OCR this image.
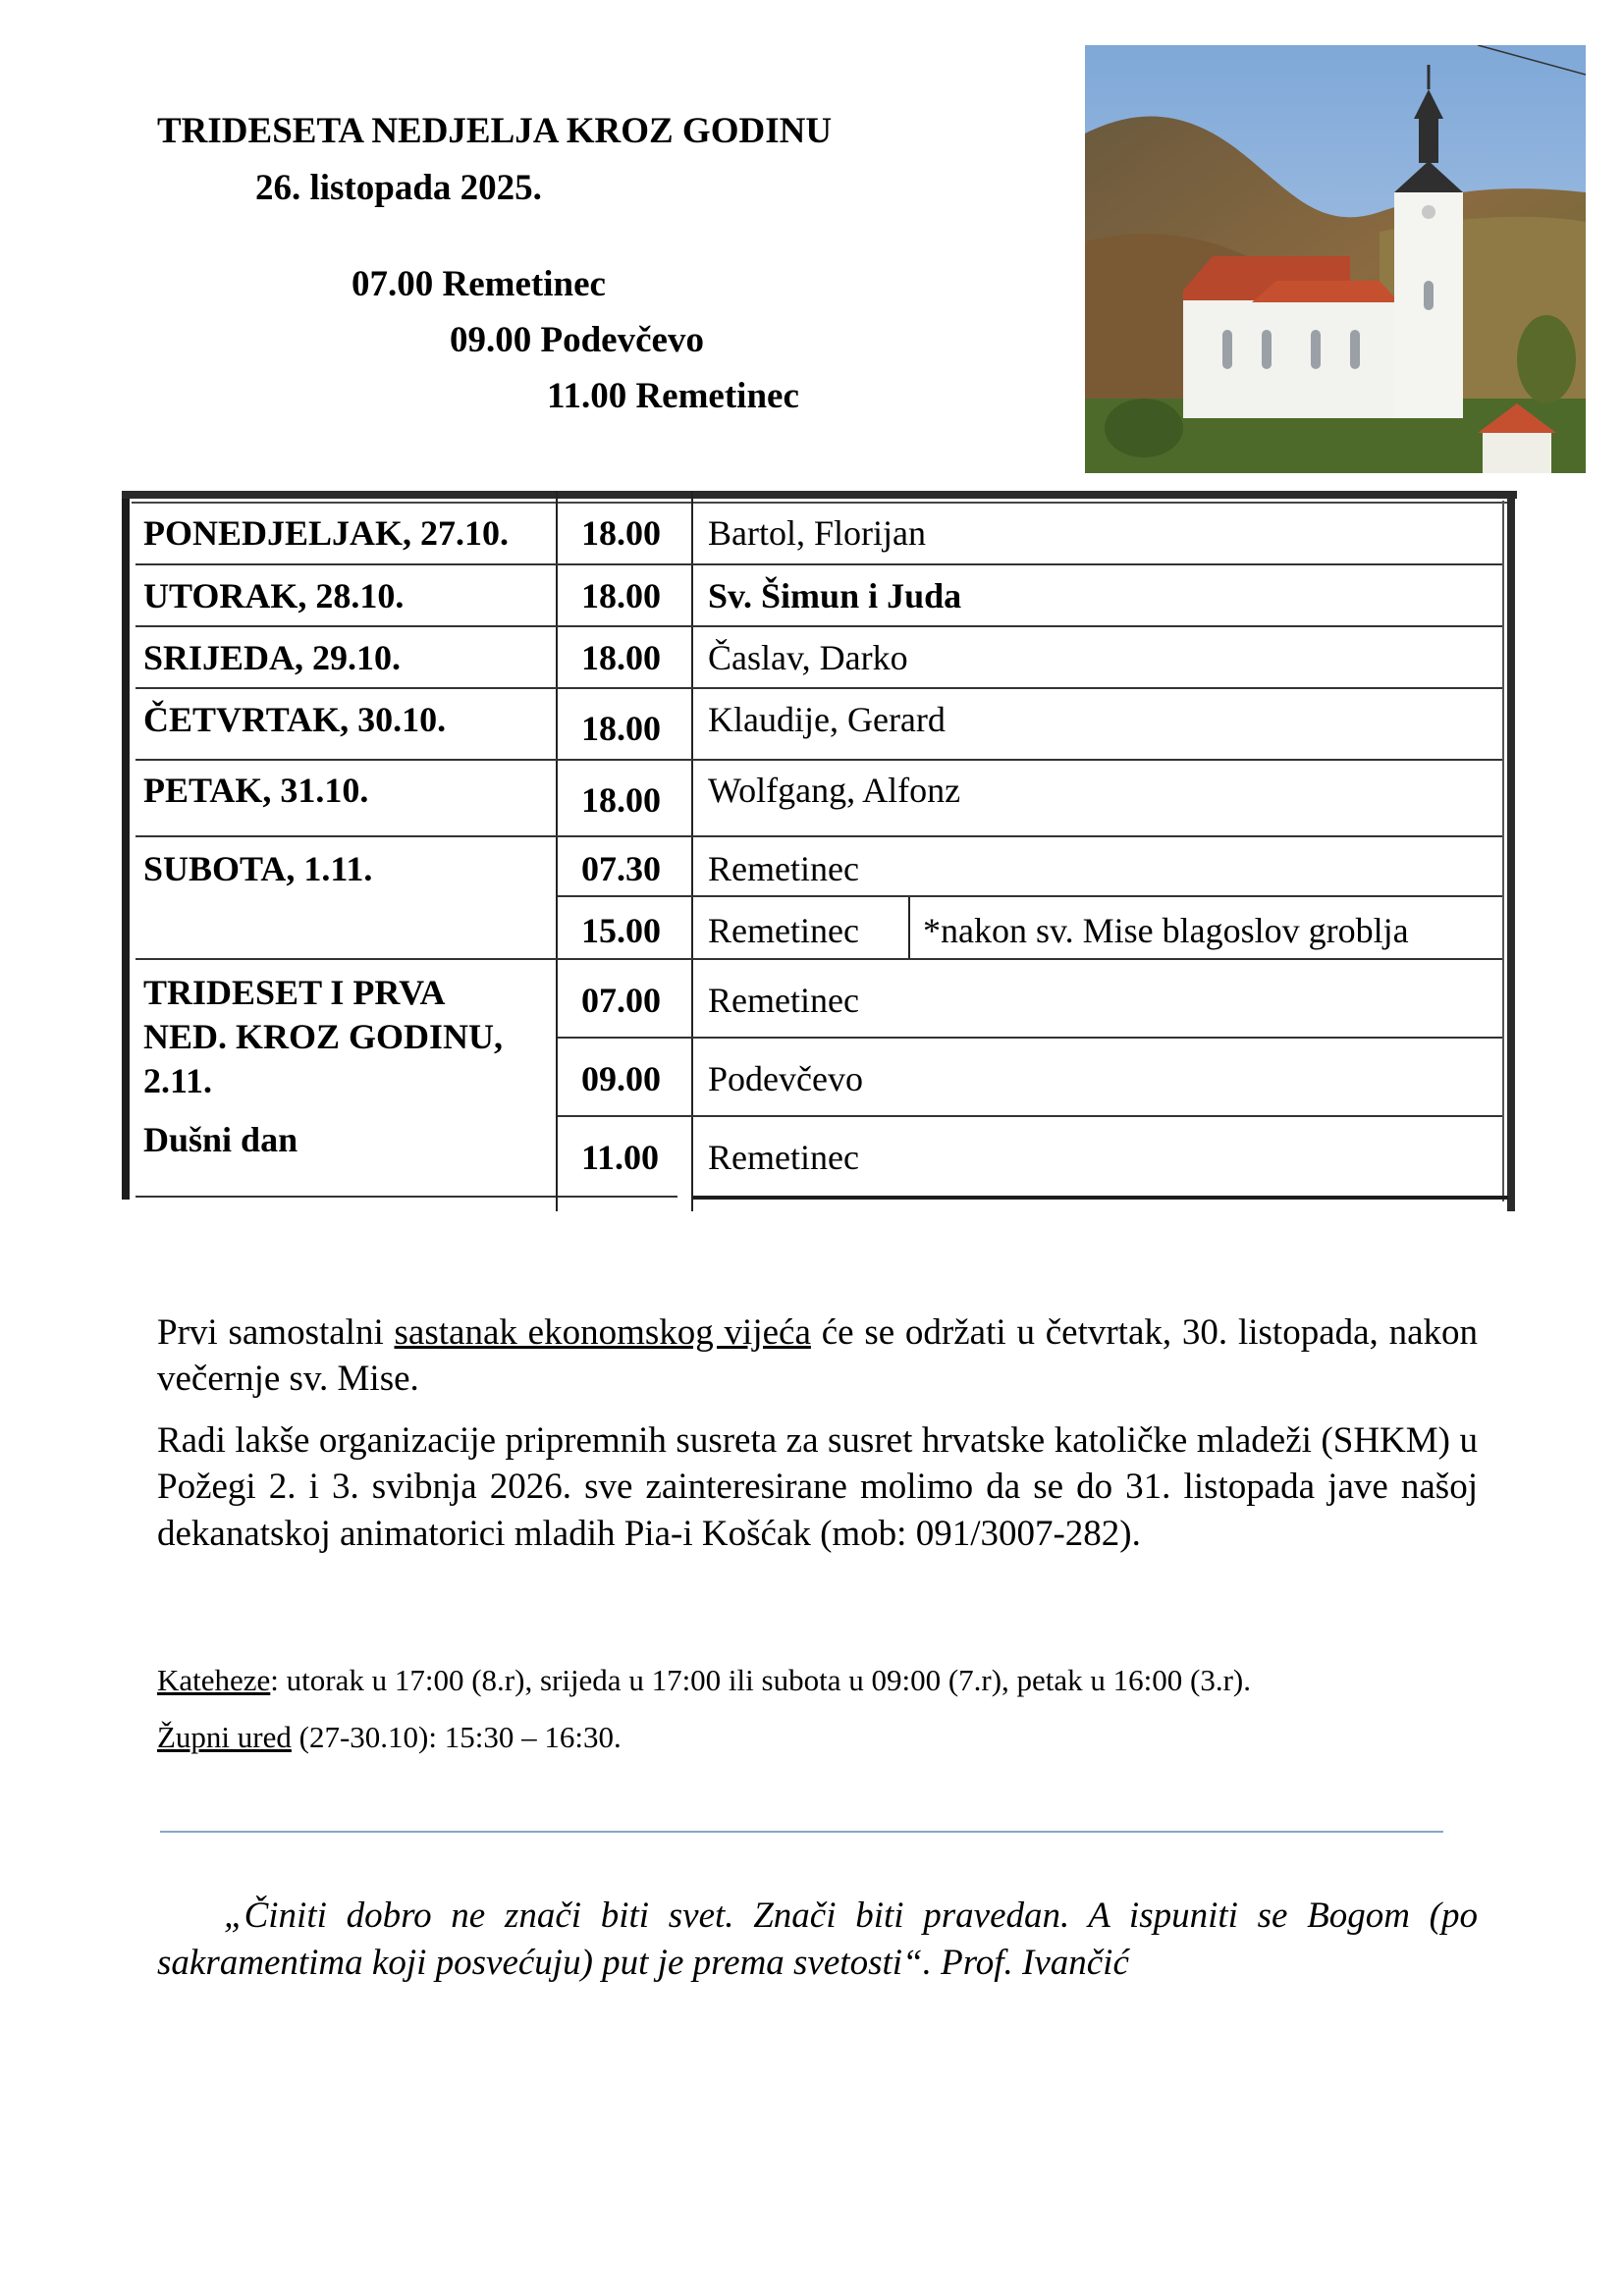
TRIDESETA NEDJELJA KROZ GODINU
26. listopada 2025.
07.00 Remetinec
09.00 Podevčevo
11.00 Remetinec
PONEDJELJAK, 27.10. 18.00 Bartol, Florijan
UTORAK, 28.10.	18.00 Sv. Šimun i Juda
SRIJEDA, 29.10.	18.00 Časlav, Darko
ČETVRTAK, 30.10.	18.00 Klaudije, Gerard
PETAK, 31.10.	18.00 Wolfgang, Alfonz
SUBOTA, 1.11.	07.30 Remetinec
15.00 Remetinec *nakon sv. Mise blagoslov groblja
TRIDESET I PRVA
NED. KROZ GODINU,
2.11.
Dušni dan
07.00 Remetinec
09.00 Podevčevo
11.00 Remetinec
Prvi samostalni sastanak ekonomskog vijeća će se održati u četvrtak, 30. listopada, nakon večernje sv. Mise.
Radi lakše organizacije pripremnih susreta za susret hrvatske katoličke mladeži (SHKM) u Požegi 2. i 3. svibnja 2026. sve zainteresirane molimo da se do 31. listopada jave našoj dekanatskoj animatorici mladih Pia-i Košćak (mob: 091/3007-282).
Kateheze: utorak u 17:00 (8.r), srijeda u 17:00 ili subota u 09:00 (7.r), petak u 16:00 (3.r).
Župni ured (27-30.10): 15:30 – 16:30.
„Činiti dobro ne znači biti svet. Znači biti pravedan. A ispuniti se Bogom (po sakramentima koji posvećuju) put je prema svetosti“. Prof. Ivančić
